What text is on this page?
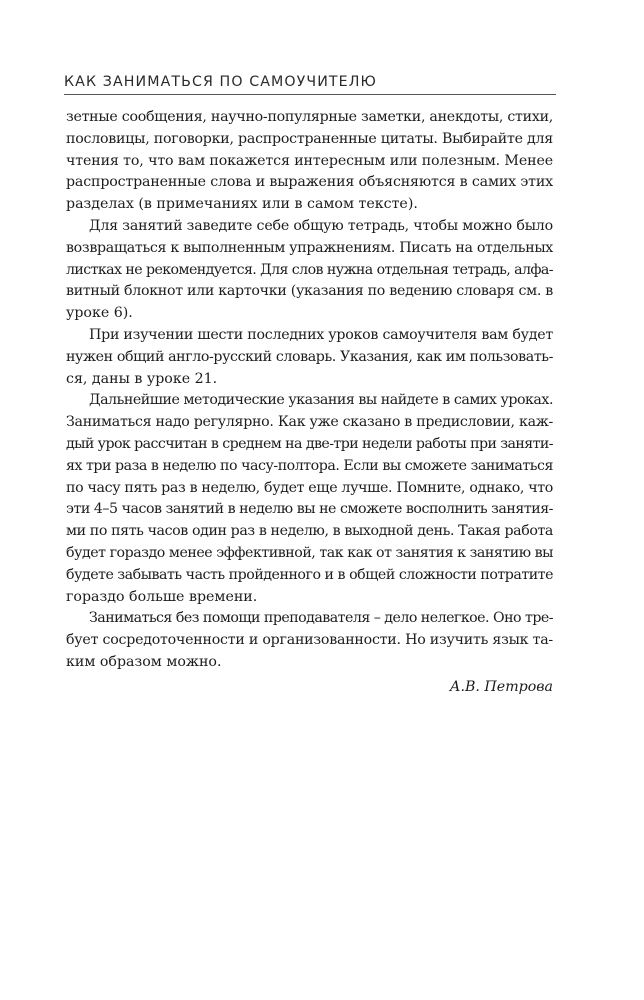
КАК ЗАНИМАТЬСЯ ПО САМОУЧИТЕЛЮ
зетные сообщения, научно-популярные заметки, анекдоты, стихи,
пословицы, поговорки, распространенные цитаты. Выбирайте для
чтения то, что вам покажется интересным или полезным. Менее
распространенные слова и выражения объясняются в самих этих
разделах (в примечаниях или в самом тексте).
Для занятий заведите себе общую тетрадь, чтобы можно было
возвращаться к выполненным упражнениям. Писать на отдельных
листках не рекомендуется. Для слов нужна отдельная тетрадь, алфа-
витный блокнот или карточки (указания по ведению словаря см. в
уроке 6).
При изучении шести последних уроков самоучителя вам будет
нужен общий англо-русский словарь. Указания, как им пользовать-
ся, даны в уроке 21.
Дальнейшие методические указания вы найдете в самих уроках.
Заниматься надо регулярно. Как уже сказано в предисловии, каж-
дый урок рассчитан в среднем на две-три недели работы при заняти-
ях три раза в неделю по часу-полтора. Если вы сможете заниматься
по часу пять раз в неделю, будет еще лучше. Помните, однако, что
эти 4–5 часов занятий в неделю вы не сможете восполнить занятия-
ми по пять часов один раз в неделю, в выходной день. Такая работа
будет гораздо менее эффективной, так как от занятия к занятию вы
будете забывать часть пройденного и в общей сложности потратите
гораздо больше времени.
Заниматься без помощи преподавателя – дело нелегкое. Оно тре-
бует сосредоточенности и организованности. Но изучить язык та-
ким образом можно.
А.В. Петрова
